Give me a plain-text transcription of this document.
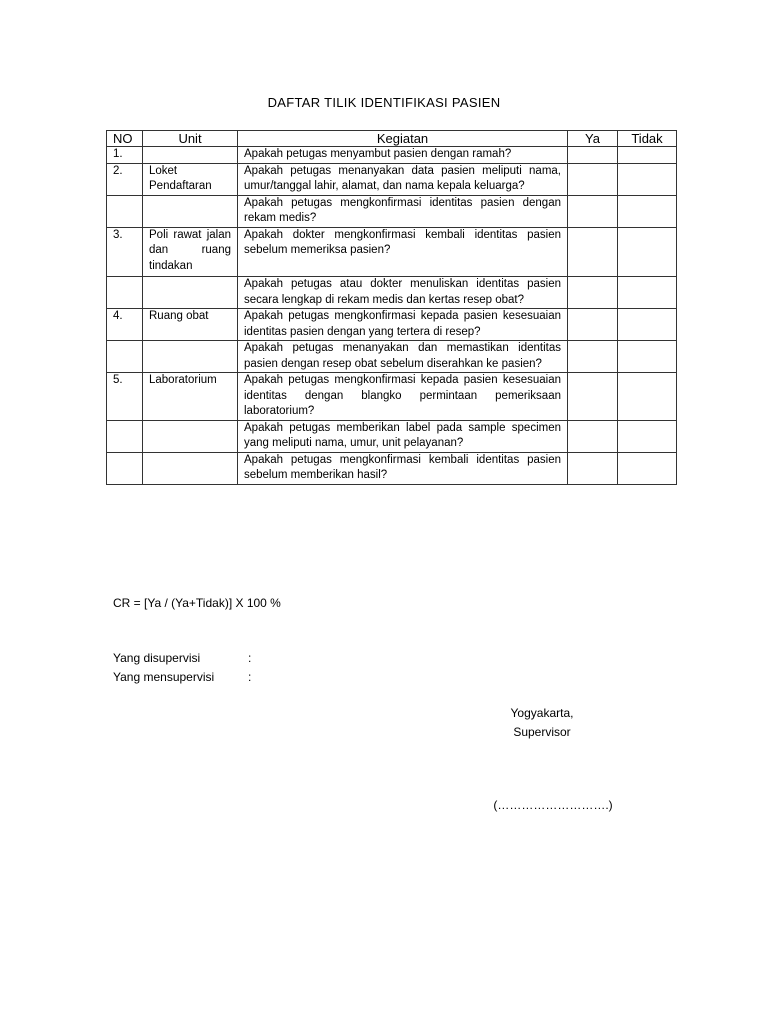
DAFTAR TILIK IDENTIFIKASI PASIEN
NO	Unit	Kegiatan	Ya	Tidak
1.		Apakah petugas menyambut pasien dengan ramah?		
2.	Loket Pendaftaran	Apakah petugas menanyakan data pasien meliputi nama, umur/tanggal lahir, alamat, dan nama kepala keluarga?		
		Apakah petugas mengkonfirmasi identitas pasien dengan rekam medis?		
3.	Poli rawat jalan dan ruang tindakan	Apakah dokter mengkonfirmasi kembali identitas pasien sebelum memeriksa pasien?		
		Apakah petugas atau dokter menuliskan identitas pasien secara lengkap di rekam medis dan kertas resep obat?		
4.	Ruang obat	Apakah petugas mengkonfirmasi kepada pasien kesesuaian identitas pasien dengan yang tertera di resep?		
		Apakah petugas menanyakan dan memastikan identitas pasien dengan resep obat sebelum diserahkan ke pasien?		
5.	Laboratorium	Apakah petugas mengkonfirmasi kepada pasien kesesuaian identitas dengan blangko permintaan pemeriksaan laboratorium?		
		Apakah petugas memberikan label pada sample specimen yang meliputi nama, umur, unit pelayanan?		
		Apakah petugas mengkonfirmasi kembali identitas pasien sebelum memberikan hasil?		
CR = [Ya / (Ya+Tidak)] X 100 %
Yang disupervisi	:
Yang mensupervisi	:
Yogyakarta,
Supervisor
(……………………….)
